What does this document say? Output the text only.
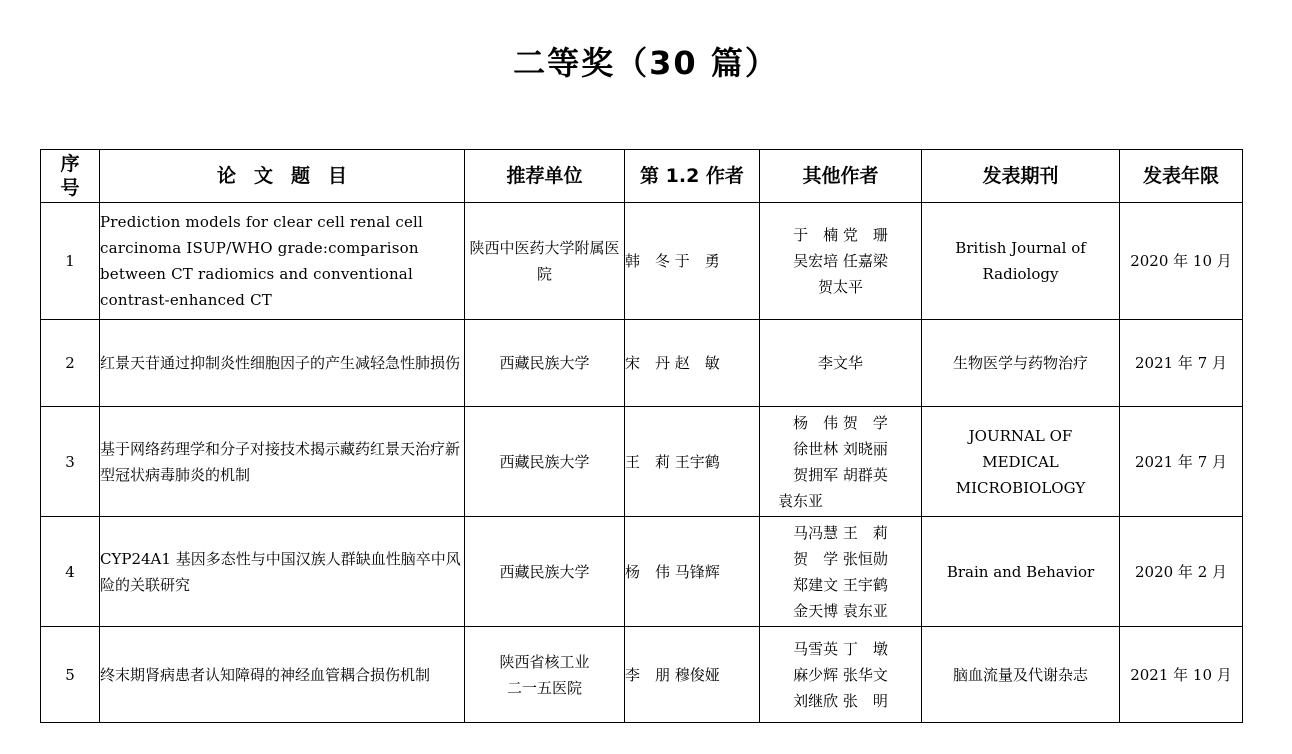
二等奖（30 篇）
序号	论文题目	推荐单位	第 1.2 作者	其他作者	发表期刊	发表年限
1	Prediction models for clear cell renal cell carcinoma ISUP/WHO grade:comparison between CT radiomics and conventional contrast-enhanced CT	陕西中医药大学附属医院	韩　冬 于　勇	于　楠 党　珊
吴宏培 任嘉梁
贺太平	British Journal of Radiology	2020 年 10 月
2	红景天苷通过抑制炎性细胞因子的产生减轻急性肺损伤	西藏民族大学	宋　丹 赵　敏	李文华	生物医学与药物治疗	2021 年 7 月
3	基于网络药理学和分子对接技术揭示藏药红景天治疗新型冠状病毒肺炎的机制	西藏民族大学	王　莉 王宇鹤	杨　伟 贺　学
徐世林 刘晓丽
贺拥军 胡群英
袁东亚	JOURNAL OF MEDICAL MICROBIOLOGY	2021 年 7 月
4	CYP24A1 基因多态性与中国汉族人群缺血性脑卒中风险的关联研究	西藏民族大学	杨　伟 马锋辉	马冯慧 王　莉
贺　学 张恒勋
郑建文 王宇鹤
金天博 袁东亚	Brain and Behavior	2020 年 2 月
5	终末期肾病患者认知障碍的神经血管耦合损伤机制	陕西省核工业二一五医院	李　朋 穆俊娅	马雪英 丁　墩
麻少辉 张华文
刘继欣 张　明	脑血流量及代谢杂志	2021 年 10 月
